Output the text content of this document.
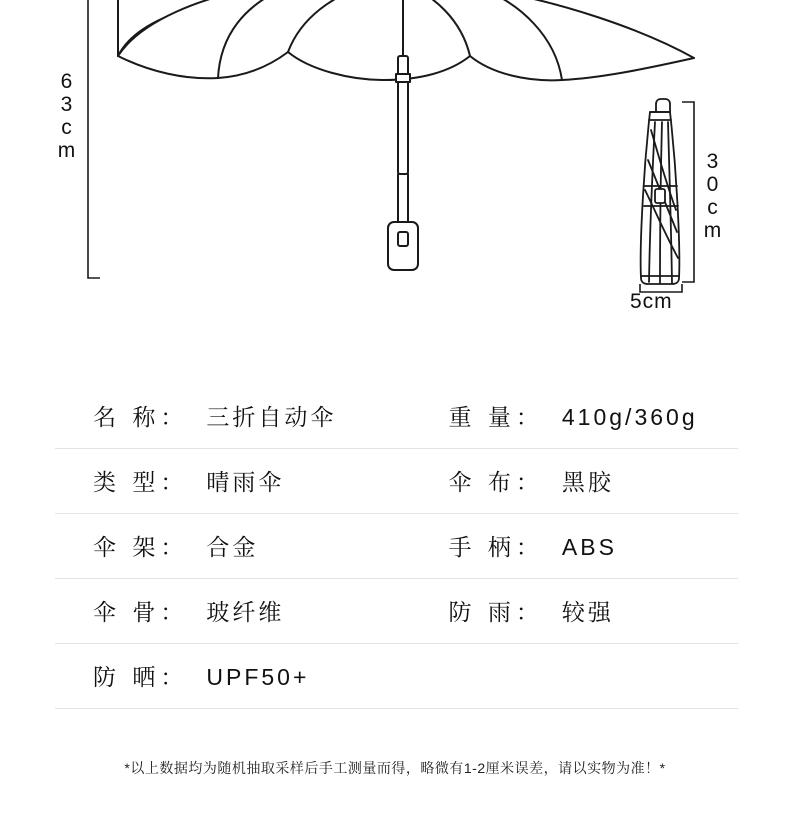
63cm
30cm
5cm
名 称： 三折自动伞	重 量： 410g/360g

类 型： 晴雨伞	伞 布： 黑胶

伞 架： 合金	手 柄： ABS

伞 骨： 玻纤维	防 雨： 较强

防 晒： UPF50+	

*以上数据均为随机抽取采样后手工测量而得，略微有1-2厘米误差，请以实物为准！*
